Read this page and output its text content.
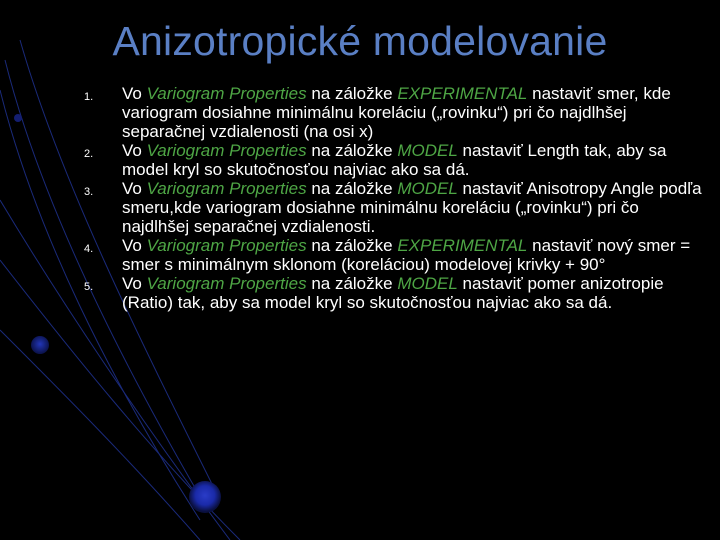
Anizotropické modelovanie
1. Vo Variogram Properties na záložke EXPERIMENTAL nastaviť smer, kde variogram dosiahne minimálnu koreláciu („rovinku“) pri čo najdlhšej separačnej vzdialenosti (na osi x)
2. Vo Variogram Properties na záložke MODEL nastaviť Length tak, aby sa model kryl so skutočnosťou najviac ako sa dá.
3. Vo Variogram Properties na záložke MODEL nastaviť Anisotropy Angle podľa smeru,kde variogram dosiahne minimálnu koreláciu („rovinku“) pri čo najdlhšej separačnej vzdialenosti.
4. Vo Variogram Properties na záložke EXPERIMENTAL nastaviť nový smer = smer s minimálnym sklonom (koreláciou) modelovej krivky + 90°
5. Vo Variogram Properties na záložke MODEL nastaviť pomer anizotropie (Ratio) tak, aby sa model kryl so skutočnosťou najviac ako sa dá.
